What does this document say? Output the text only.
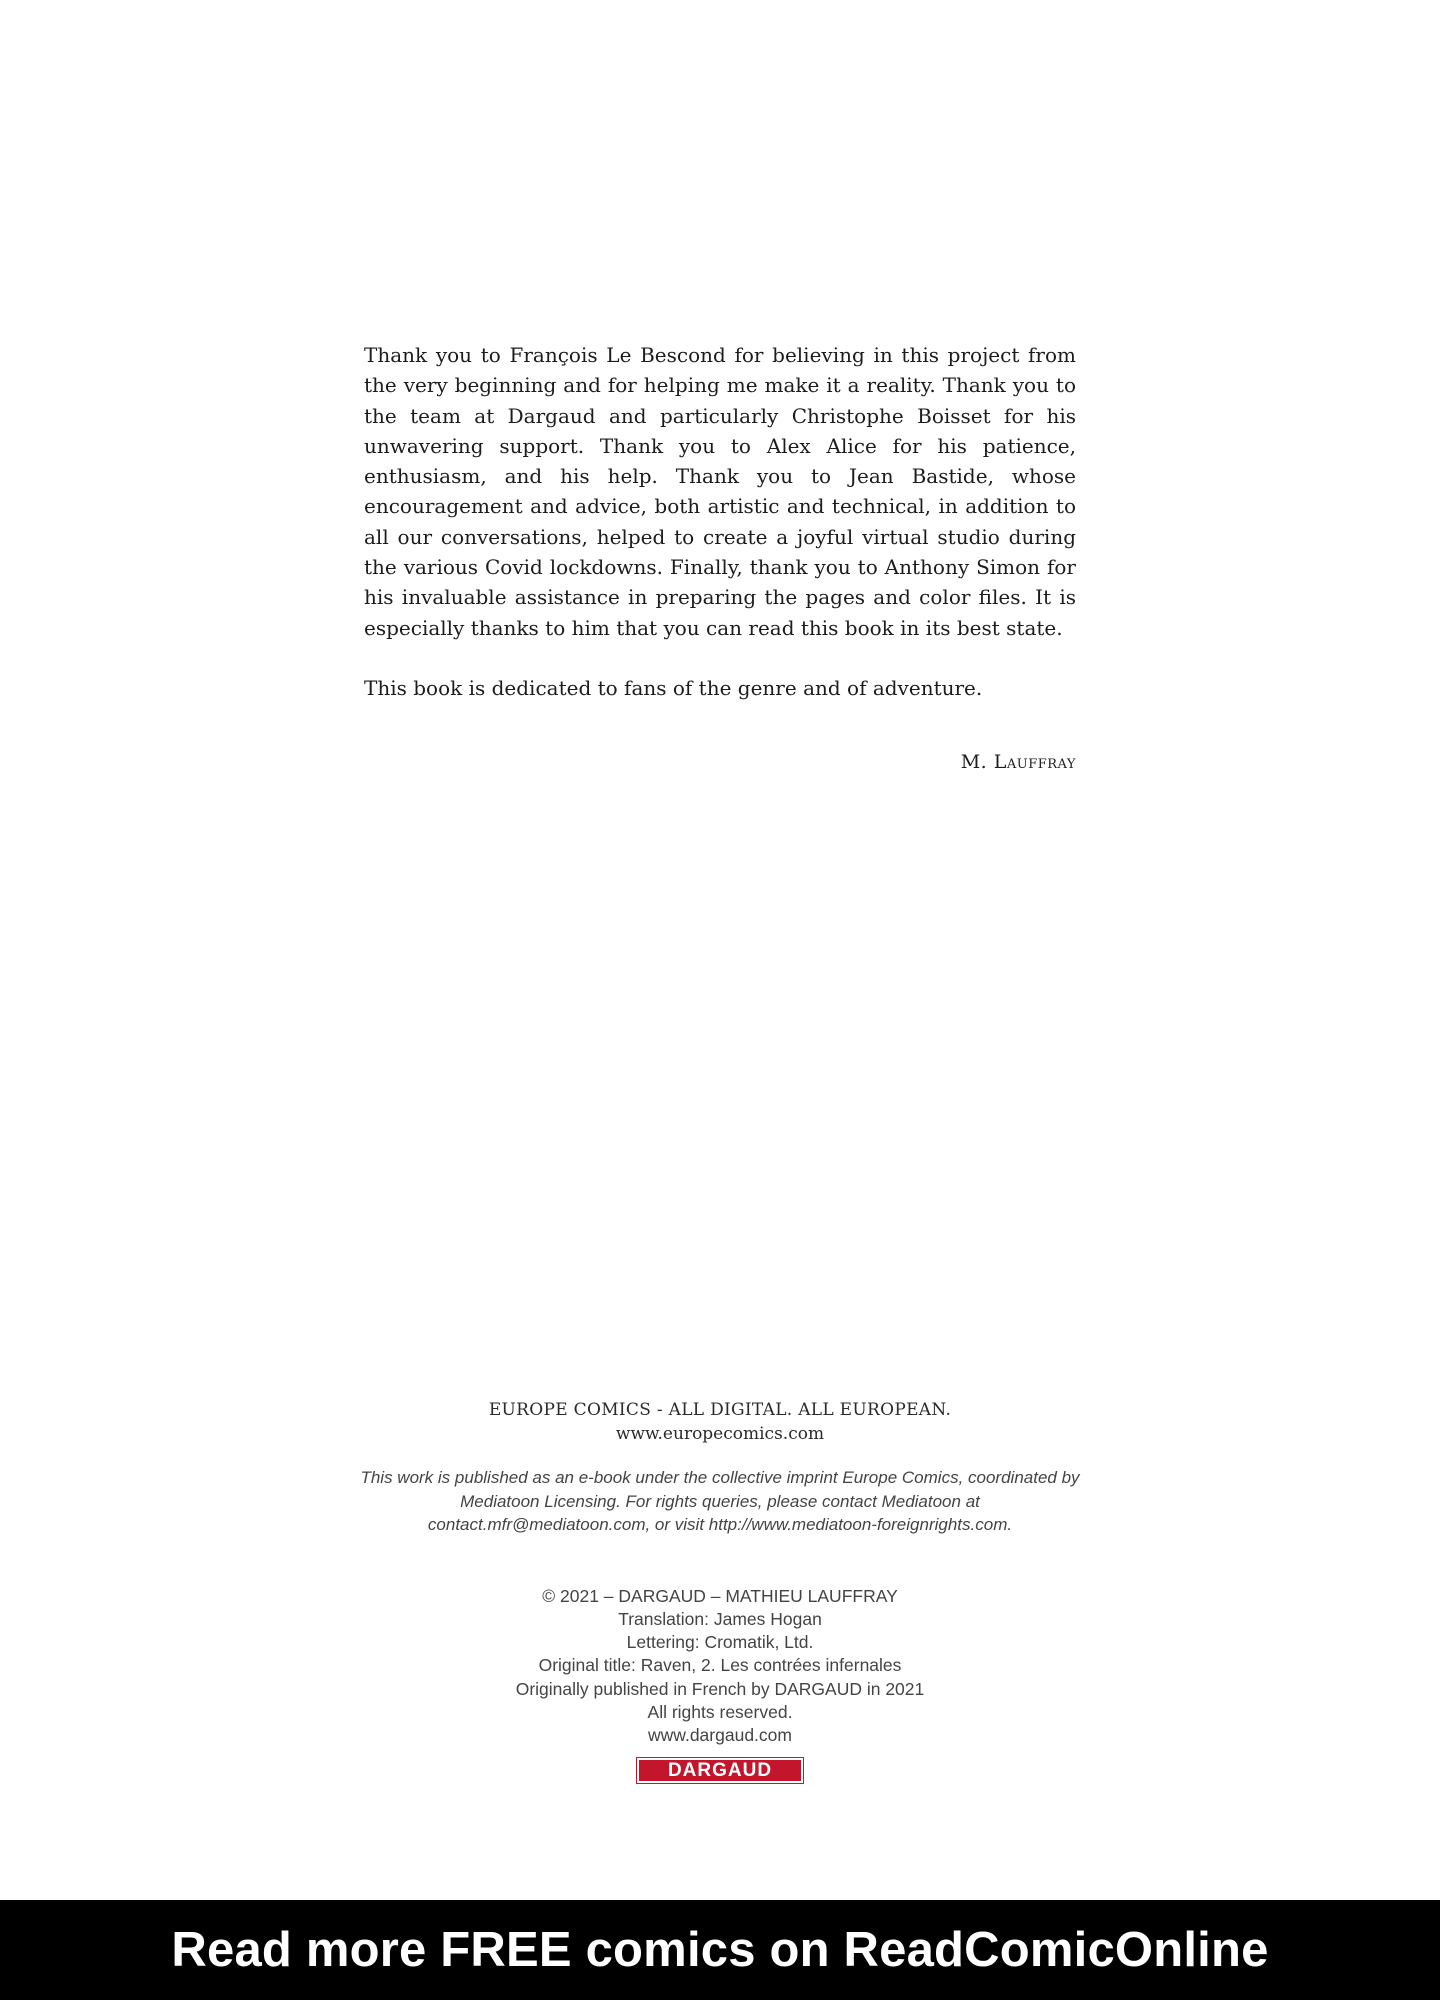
Thank you to François Le Bescond for believing in this project from the very beginning and for helping me make it a reality. Thank you to the team at Dargaud and particularly Christophe Boisset for his unwavering support. Thank you to Alex Alice for his patience, enthusiasm, and his help. Thank you to Jean Bastide, whose encouragement and advice, both artistic and technical, in addition to all our conversations, helped to create a joyful virtual studio during the various Covid lockdowns. Finally, thank you to Anthony Simon for his invaluable assistance in preparing the pages and color files. It is especially thanks to him that you can read this book in its best state.

This book is dedicated to fans of the genre and of adventure.

M. Lauffray
EUROPE COMICS - ALL DIGITAL. ALL EUROPEAN.
www.europecomics.com
This work is published as an e-book under the collective imprint Europe Comics, coordinated by Mediatoon Licensing. For rights queries, please contact Mediatoon at contact.mfr@mediatoon.com, or visit http://www.mediatoon-foreignrights.com.
© 2021 – DARGAUD – MATHIEU LAUFFRAY
Translation: James Hogan
Lettering: Cromatik, Ltd.
Original title: Raven, 2. Les contrées infernales
Originally published in French by DARGAUD in 2021
All rights reserved.
www.dargaud.com
DARGAUD
Read more FREE comics on ReadComicOnline
